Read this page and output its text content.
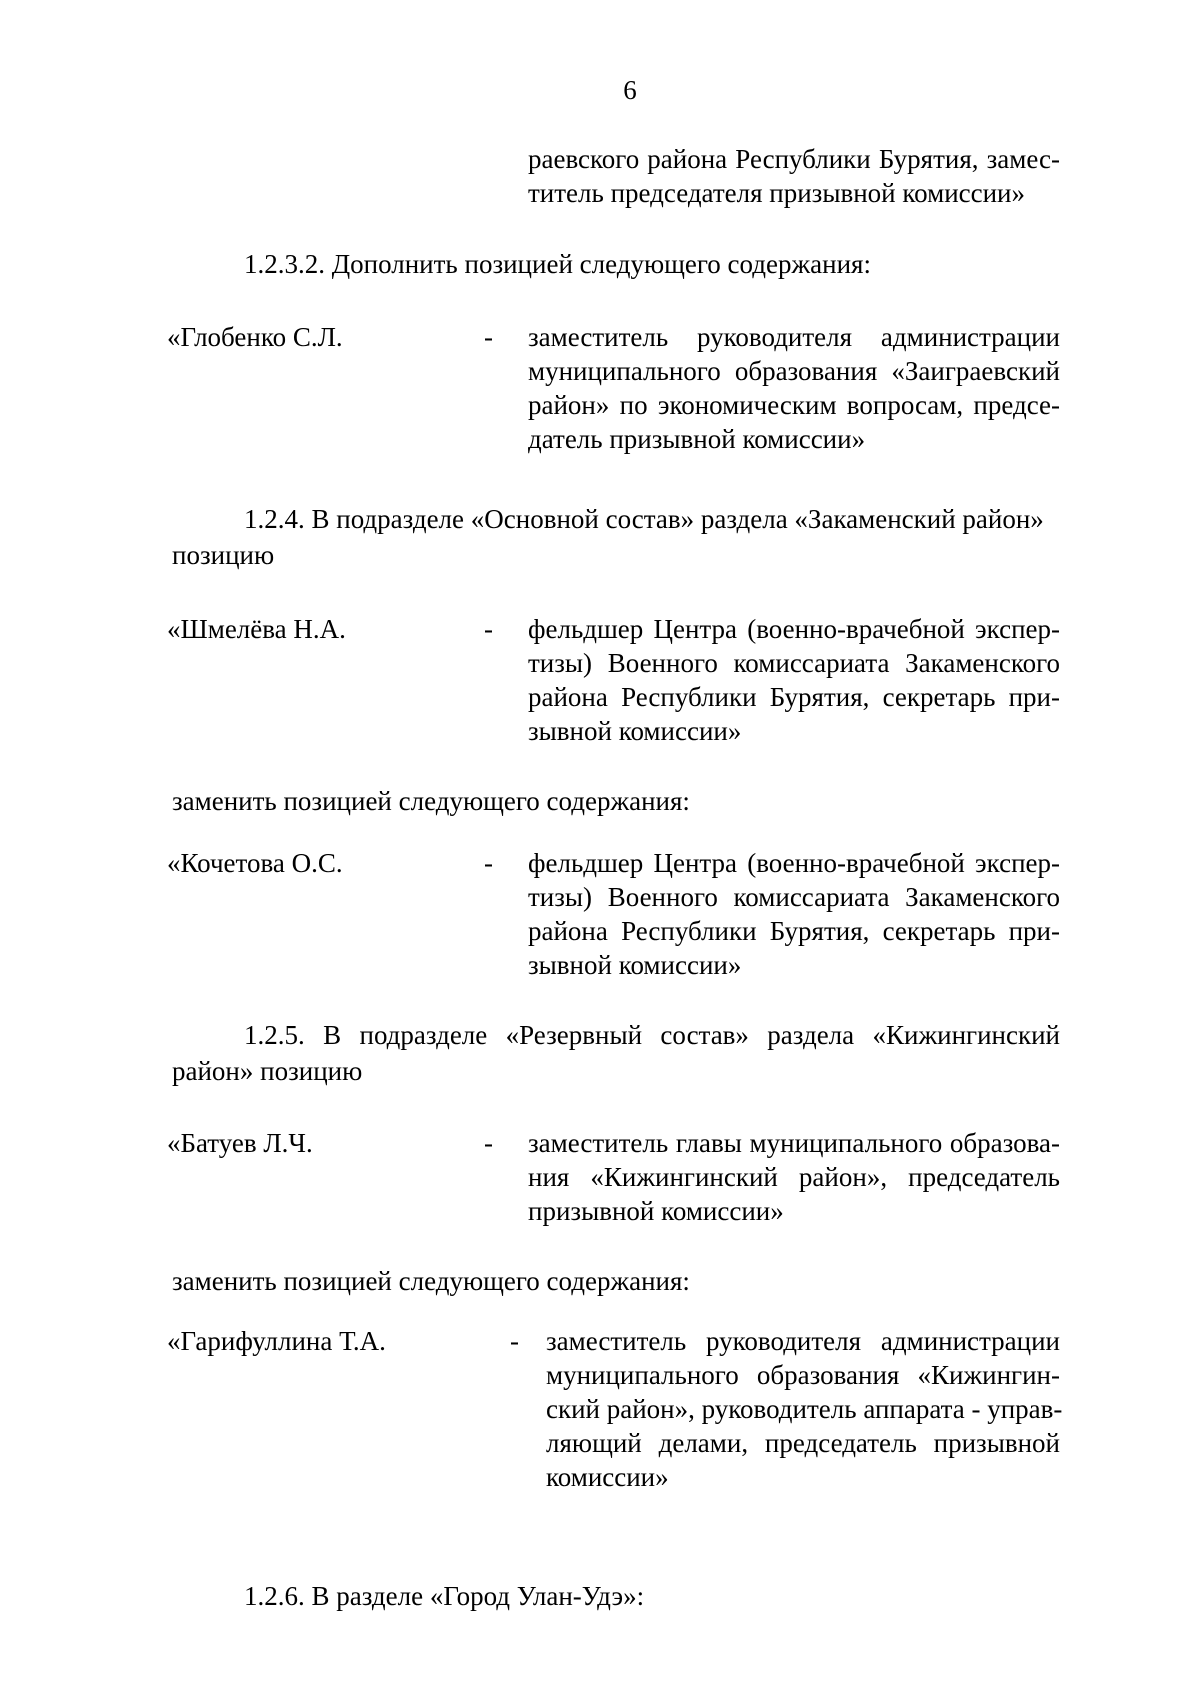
6
раевского района Республики Бурятия, замес-
титель председателя призывной комиссии»
1.2.3.2. Дополнить позицией следующего содержания:
«Глобенко С.Л.	- заместитель руководителя администрации
муниципального образования «Заиграевский
район» по экономическим вопросам, предсе-
датель призывной комиссии»
1.2.4. В подразделе «Основной состав» раздела «Закаменский район»
позицию
«Шмелёва Н.А.	- фельдшер Центра (военно-врачебной экспер-
тизы) Военного комиссариата Закаменского
района Республики Бурятия, секретарь при-
зывной комиссии»
заменить позицией следующего содержания:
«Кочетова О.С.	- фельдшер Центра (военно-врачебной экспер-
тизы) Военного комиссариата Закаменского
района Республики Бурятия, секретарь при-
зывной комиссии»
1.2.5. В подразделе «Резервный состав» раздела «Кижингинский
район» позицию
«Батуев Л.Ч.	- заместитель главы муниципального образова-
ния «Кижингинский район», председатель
призывной комиссии»
заменить позицией следующего содержания:
«Гарифуллина Т.А.	- заместитель руководителя администрации
муниципального образования «Кижингин-
ский район», руководитель аппарата - управ-
ляющий делами, председатель призывной
комиссии»
1.2.6. В разделе «Город Улан-Удэ»:
